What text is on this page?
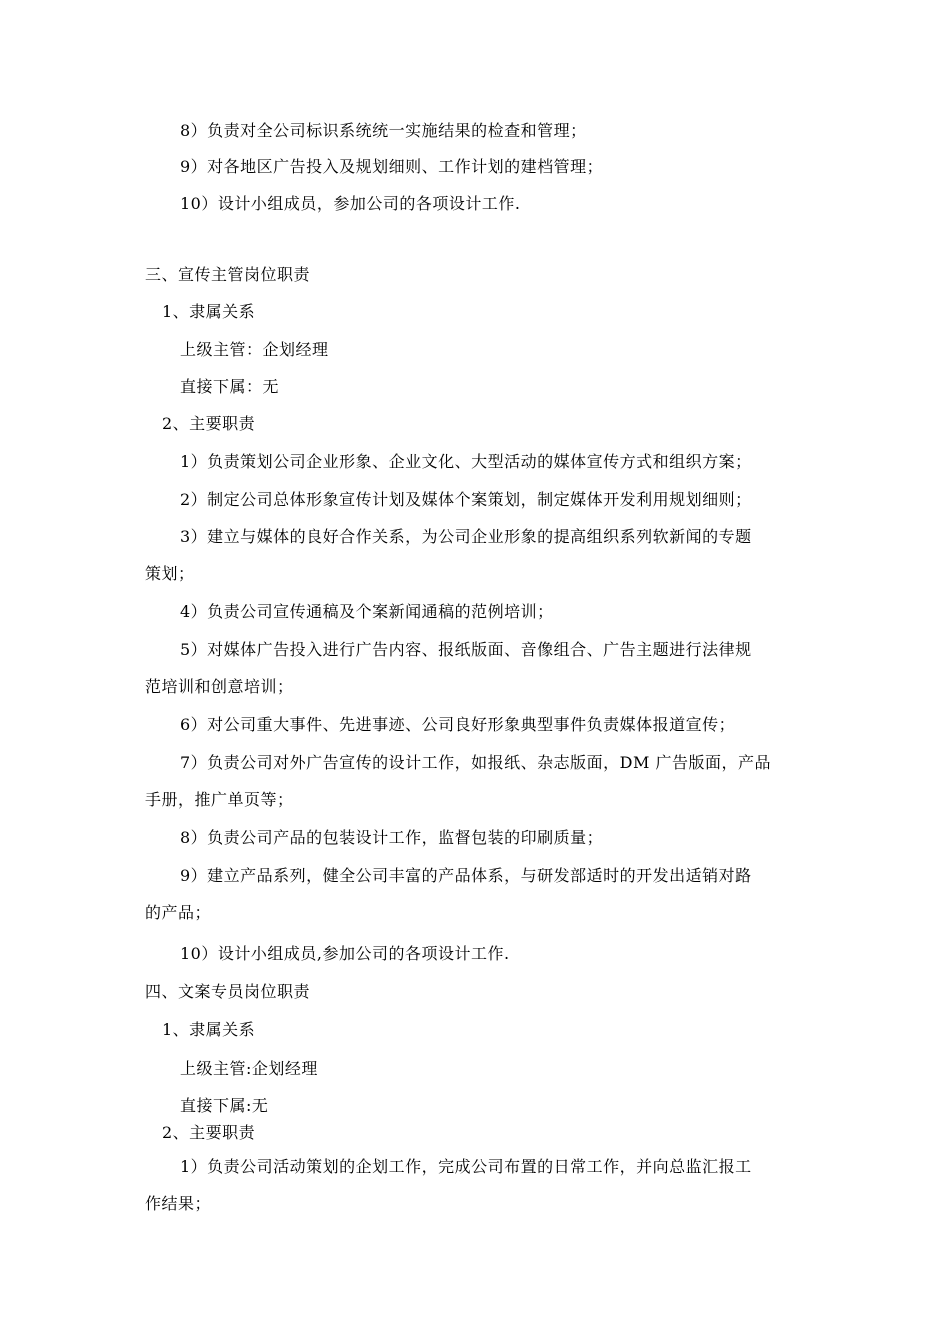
8）负责对全公司标识系统统一实施结果的检查和管理；
9）对各地区广告投入及规划细则、工作计划的建档管理；
10）设计小组成员，参加公司的各项设计工作.
三、宣传主管岗位职责
1、隶属关系
上级主管：企划经理
直接下属：无
2、主要职责
1）负责策划公司企业形象、企业文化、大型活动的媒体宣传方式和组织方案；
2）制定公司总体形象宣传计划及媒体个案策划，制定媒体开发利用规划细则；
3）建立与媒体的良好合作关系，为公司企业形象的提高组织系列软新闻的专题
策划；
4）负责公司宣传通稿及个案新闻通稿的范例培训；
5）对媒体广告投入进行广告内容、报纸版面、音像组合、广告主题进行法律规
范培训和创意培训；
6）对公司重大事件、先进事迹、公司良好形象典型事件负责媒体报道宣传；
7）负责公司对外广告宣传的设计工作，如报纸、杂志版面，DM 广告版面，产品
手册，推广单页等；
8）负责公司产品的包装设计工作，监督包装的印刷质量；
9）建立产品系列，健全公司丰富的产品体系，与研发部适时的开发出适销对路
的产品；
10）设计小组成员,参加公司的各项设计工作.
四、文案专员岗位职责
1、隶属关系
上级主管:企划经理
直接下属:无
2、主要职责
1）负责公司活动策划的企划工作，完成公司布置的日常工作，并向总监汇报工
作结果；
